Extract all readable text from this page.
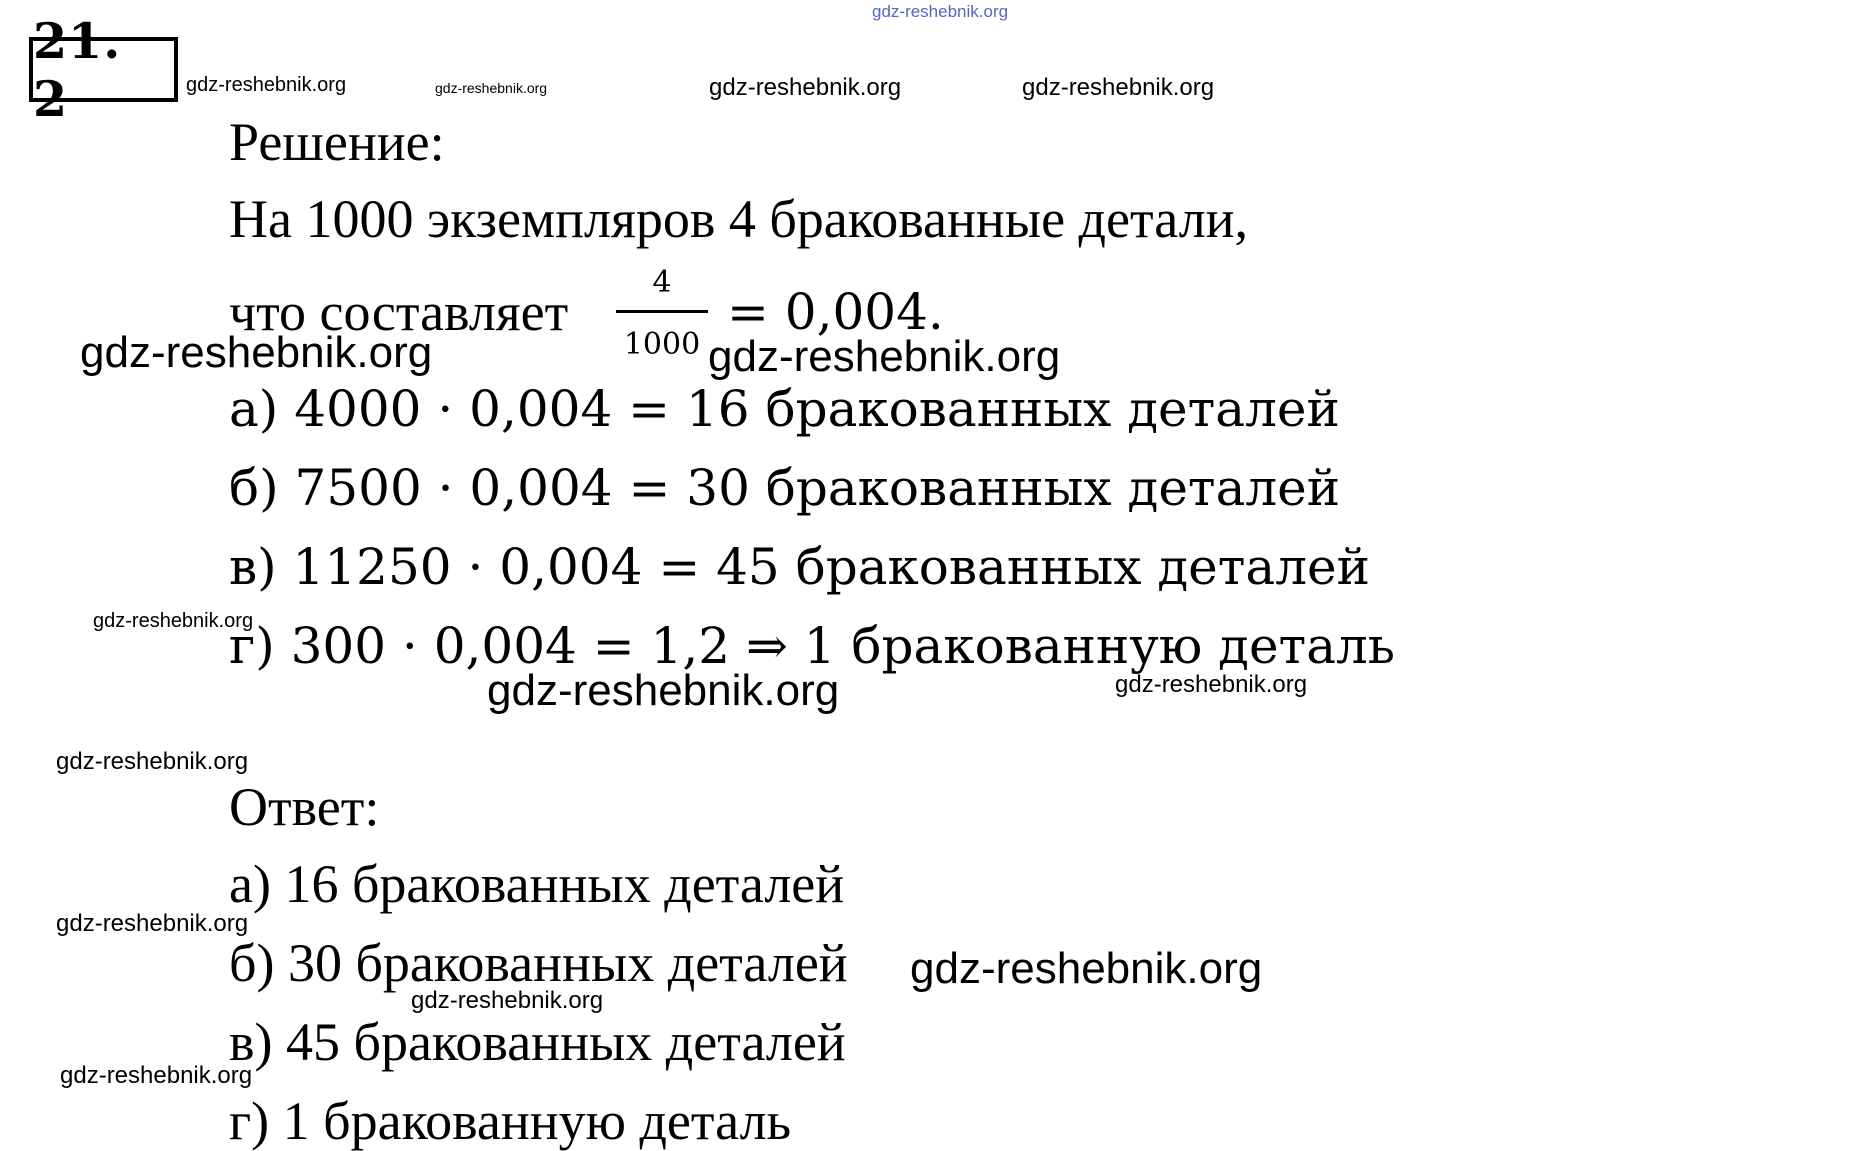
21. 2
Решение:
На 1000 экземпляров 4 бракованные детали,
что составляет	4
1000
= 0,004.
а) 4000 · 0,004 = 16 бракованных деталей
б) 7500 · 0,004 = 30 бракованных деталей
в) 11250 · 0,004 = 45 бракованных деталей
г) 300 · 0,004 = 1,2 ⇒ 1 бракованную деталь
Ответ:
а) 16 бракованных деталей
б) 30 бракованных деталей
в) 45 бракованных деталей
г) 1 бракованную деталь
gdz-reshebnik.org
gdz-reshebnik.org	gdz-reshebnik.org	gdz-reshebnik.org	gdz-reshebnik.org
gdz-reshebnik.org	gdz-reshebnik.org
gdz-reshebnik.org
gdz-reshebnik.org	gdz-reshebnik.org
gdz-reshebnik.org
gdz-reshebnik.org
gdz-reshebnik.org
gdz-reshebnik.org
gdz-reshebnik.org
